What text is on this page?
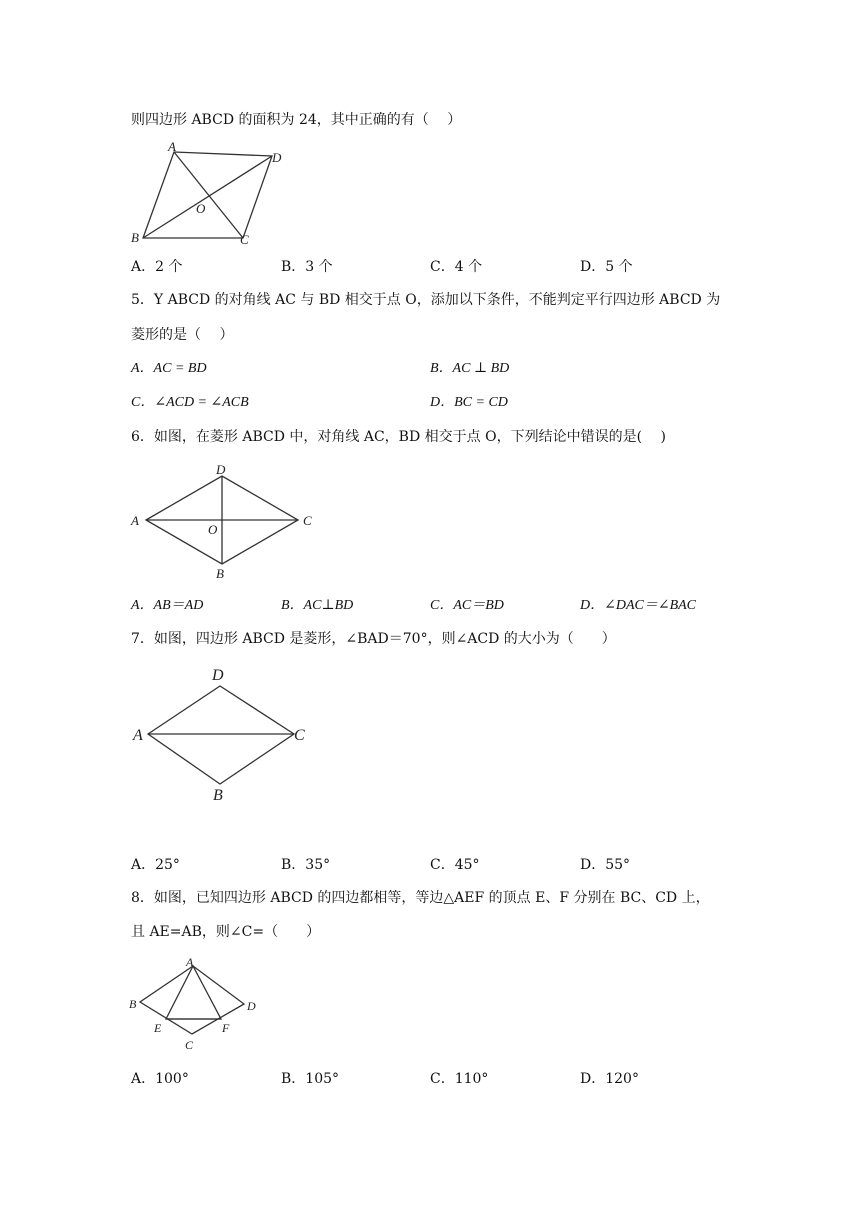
则四边形 ABCD 的面积为 24，其中正确的有（　 ）
A
D
O
B	C
A．2 个	B．3 个	C．4 个	D．5 个
5．Y ABCD 的对角线 AC 与 BD 相交于点 O，添加以下条件，不能判定平行四边形 ABCD 为
菱形的是（　 ）
A．AC = BD	B．AC ⊥ BD
C．∠ACD = ∠ACB	D．BC = CD
6．如图，在菱形 ABCD 中，对角线 AC，BD 相交于点 O，下列结论中错误的是(　 )
D
A	C
O
B
A．AB＝AD	B．AC⊥BD	C．AC＝BD	D．∠DAC＝∠BAC
7．如图，四边形 ABCD 是菱形，∠BAD＝70°，则∠ACD 的大小为（　　）
D
A	C
B
A．25°	B．35°	C．45°	D．55°
8．如图，已知四边形 ABCD 的四边都相等，等边△AEF 的顶点 E、F 分别在 BC、CD 上，
且 AE=AB，则∠C=（　　）
A
B	D
E	F
C
A．100°	B．105°	C．110°	D．120°
